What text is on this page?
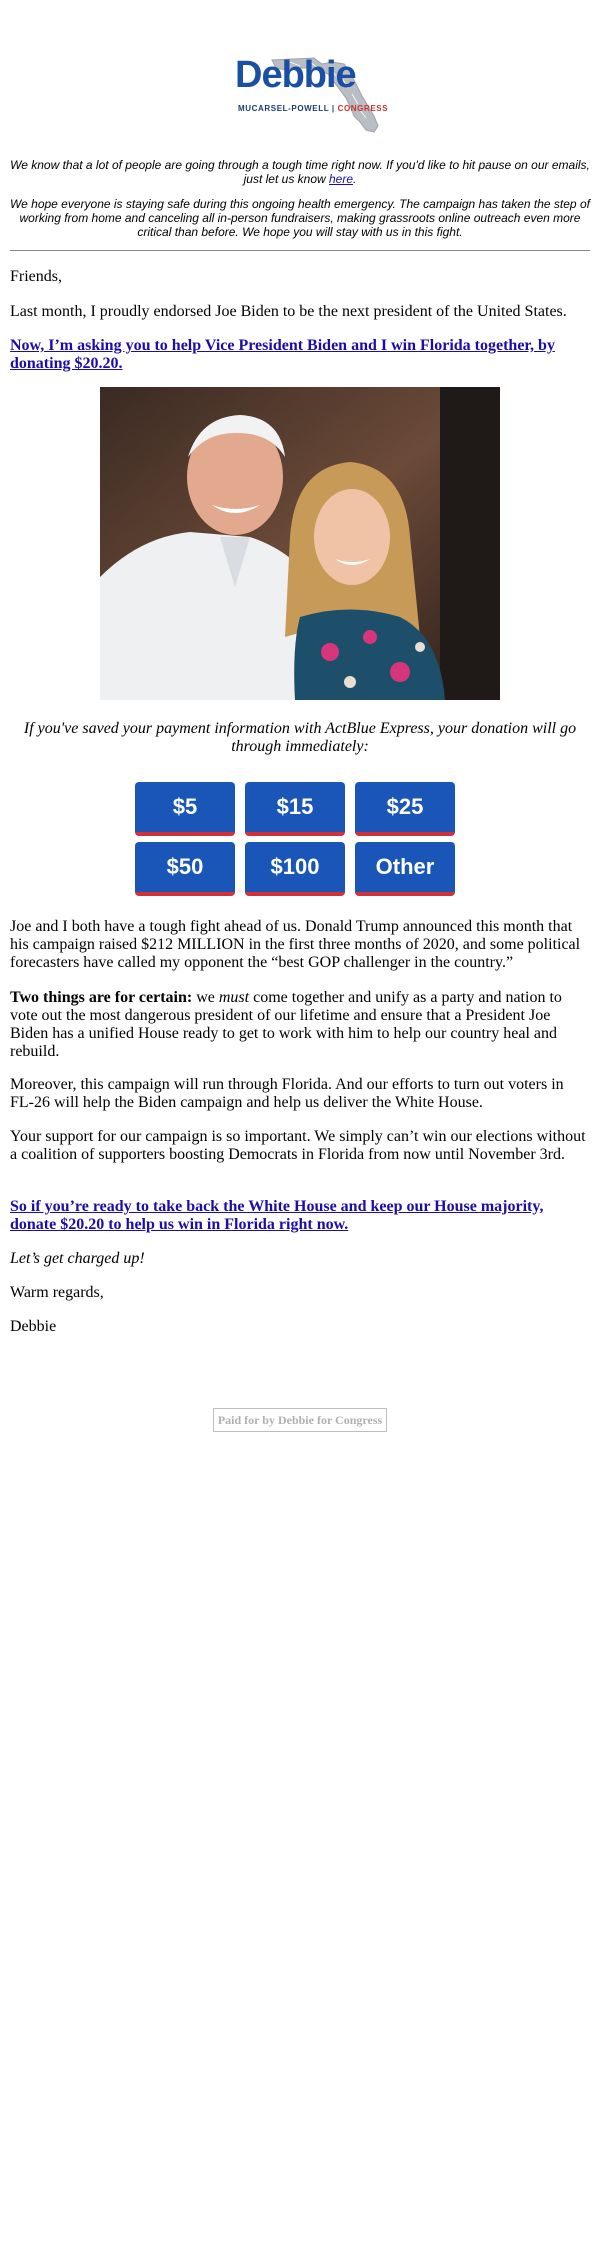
Debbie
MUCARSEL-POWELL | CONGRESS
We know that a lot of people are going through a tough time right now. If you'd like to hit pause on our emails, just let us know here.
We hope everyone is staying safe during this ongoing health emergency. The campaign has taken the step of working from home and canceling all in-person fundraisers, making grassroots online outreach even more critical than before. We hope you will stay with us in this fight.
Friends,
Last month, I proudly endorsed Joe Biden to be the next president of the United States.
Now, I’m asking you to help Vice President Biden and I win Florida together, by donating $20.20.
If you've saved your payment information with ActBlue Express, your donation will go through immediately:
$5	$15	$25
$50	$100	Other
Joe and I both have a tough fight ahead of us. Donald Trump announced this month that his campaign raised $212 MILLION in the first three months of 2020, and some political forecasters have called my opponent the “best GOP challenger in the country.”
Two things are for certain: we must come together and unify as a party and nation to vote out the most dangerous president of our lifetime and ensure that a President Joe Biden has a unified House ready to get to work with him to help our country heal and rebuild.
Moreover, this campaign will run through Florida. And our efforts to turn out voters in FL-26 will help the Biden campaign and help us deliver the White House.
Your support for our campaign is so important. We simply can’t win our elections without a coalition of supporters boosting Democrats in Florida from now until November 3rd.
So if you’re ready to take back the White House and keep our House majority, donate $20.20 to help us win in Florida right now.
Let’s get charged up!
Warm regards,
Debbie
Paid for by Debbie for Congress
